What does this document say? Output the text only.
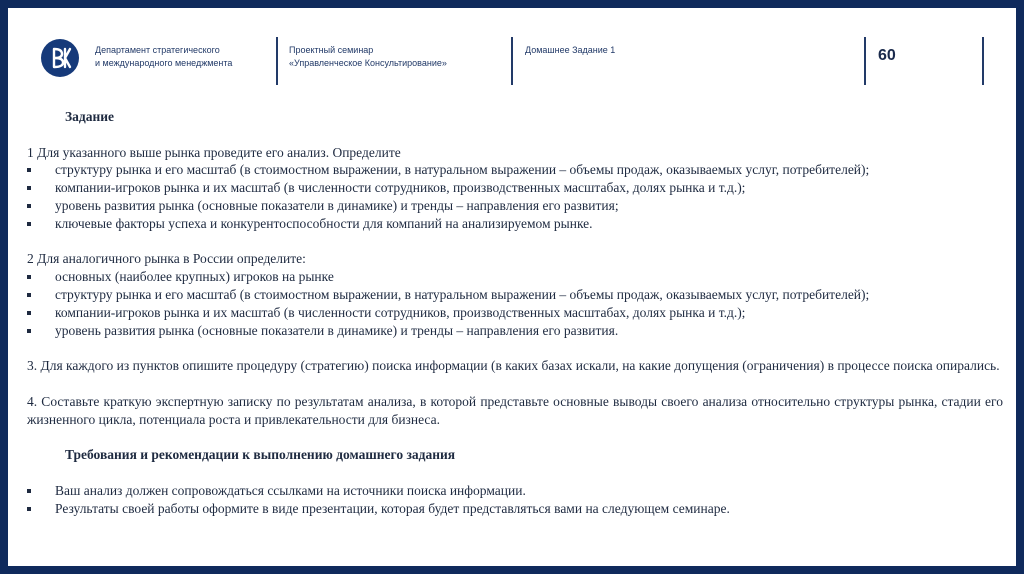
Департамент стратегического
и международного менеджмента
Проектный семинар
«Управленческое Консультирование»
Домашнее Задание 1	60

Задание

1 Для указанного выше рынка проведите его анализ. Определите

структуру рынка и его масштаб (в стоимостном выражении, в натуральном выражении – объемы продаж, оказываемых услуг, потребителей);

компании-игроков рынка и их масштаб (в численности сотрудников, производственных масштабах, долях рынка и т.д.);

уровень развития рынка (основные показатели в динамике) и тренды – направления его развития;

ключевые факторы успеха и конкурентоспособности для компаний на анализируемом рынке.

2 Для аналогичного рынка в России определите:

основных (наиболее крупных) игроков на рынке

структуру рынка и его масштаб (в стоимостном выражении, в натуральном выражении – объемы продаж, оказываемых услуг, потребителей);

компании-игроков рынка и их масштаб (в численности сотрудников, производственных масштабах, долях рынка и т.д.);

уровень развития рынка (основные показатели в динамике) и тренды – направления его развития.

3. Для каждого из пунктов опишите процедуру (стратегию) поиска информации (в каких базах искали, на какие допущения (ограничения) в процессе поиска опирались.

4. Составьте краткую экспертную записку по результатам анализа, в которой представьте основные выводы своего анализа относительно структуры рынка, стадии его жизненного цикла, потенциала роста и привлекательности для бизнеса.

Требования и рекомендации к выполнению домашнего задания

Ваш анализ должен сопровождаться ссылками на источники поиска информации.

Результаты своей работы оформите в виде презентации, которая будет представляться вами на следующем семинаре.
